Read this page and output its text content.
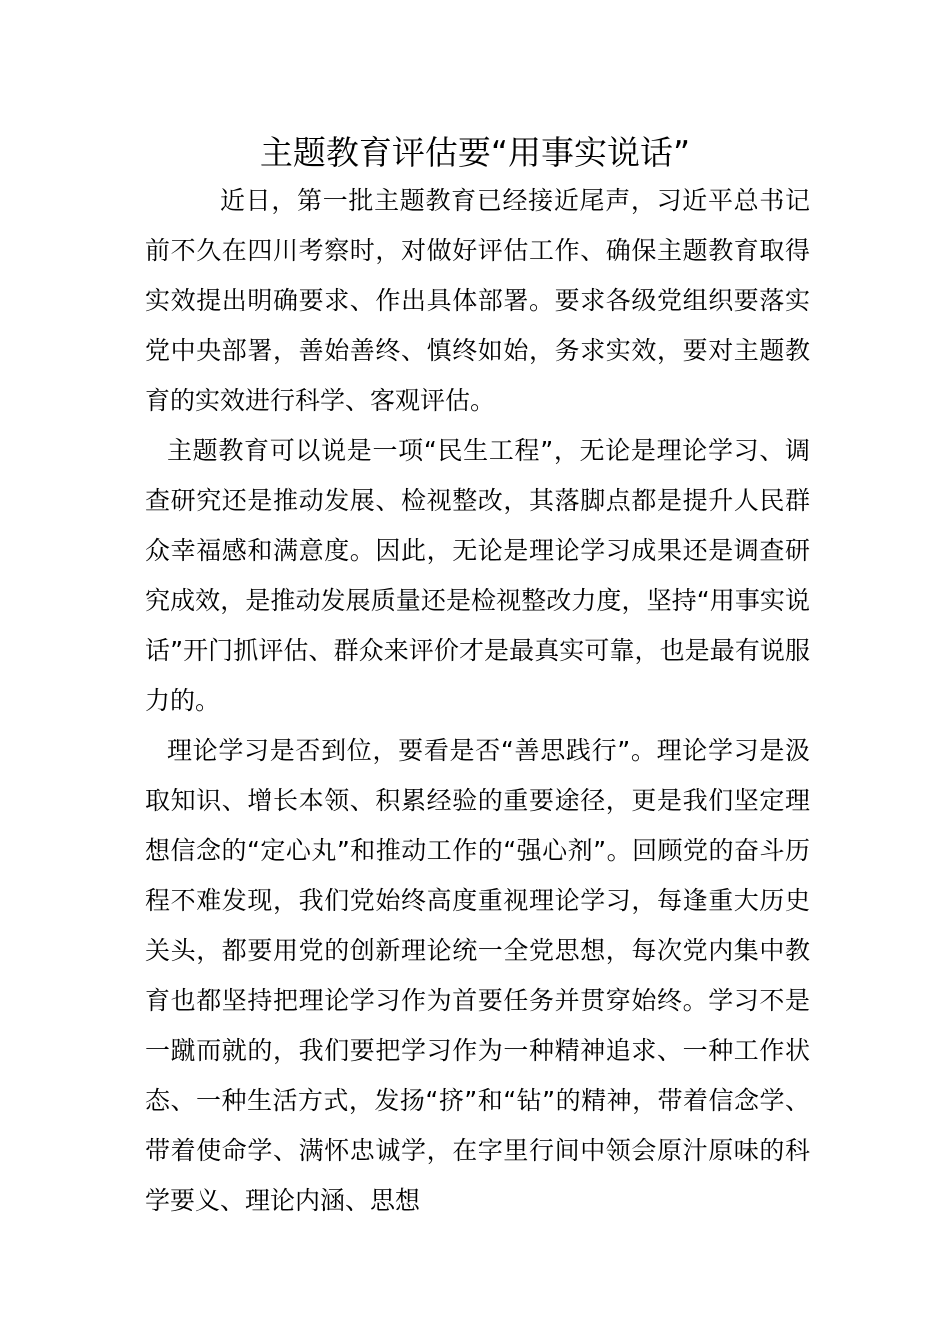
主题教育评估要“用事实说话”

近日，第一批主题教育已经接近尾声，习近平总书记前不久在四川考察时，对做好评估工作、确保主题教育取得实效提出明确要求、作出具体部署。要求各级党组织要落实党中央部署，善始善终、慎终如始，务求实效，要对主题教育的实效进行科学、客观评估。

主题教育可以说是一项“民生工程”，无论是理论学习、调查研究还是推动发展、检视整改，其落脚点都是提升人民群众幸福感和满意度。因此，无论是理论学习成果还是调查研究成效，是推动发展质量还是检视整改力度，坚持“用事实说话”开门抓评估、群众来评价才是最真实可靠，也是最有说服力的。

理论学习是否到位，要看是否“善思践行”。理论学习是汲取知识、增长本领、积累经验的重要途径，更是我们坚定理想信念的“定心丸”和推动工作的“强心剂”。回顾党的奋斗历程不难发现，我们党始终高度重视理论学习，每逢重大历史关头，都要用党的创新理论统一全党思想，每次党内集中教育也都坚持把理论学习作为首要任务并贯穿始终。学习不是一蹴而就的，我们要把学习作为一种精神追求、一种工作状态、一种生活方式，发扬“挤”和“钻”的精神，带着信念学、带着使命学、满怀忠诚学，在字里行间中领会原汁原味的科学要义、理论内涵、思想
